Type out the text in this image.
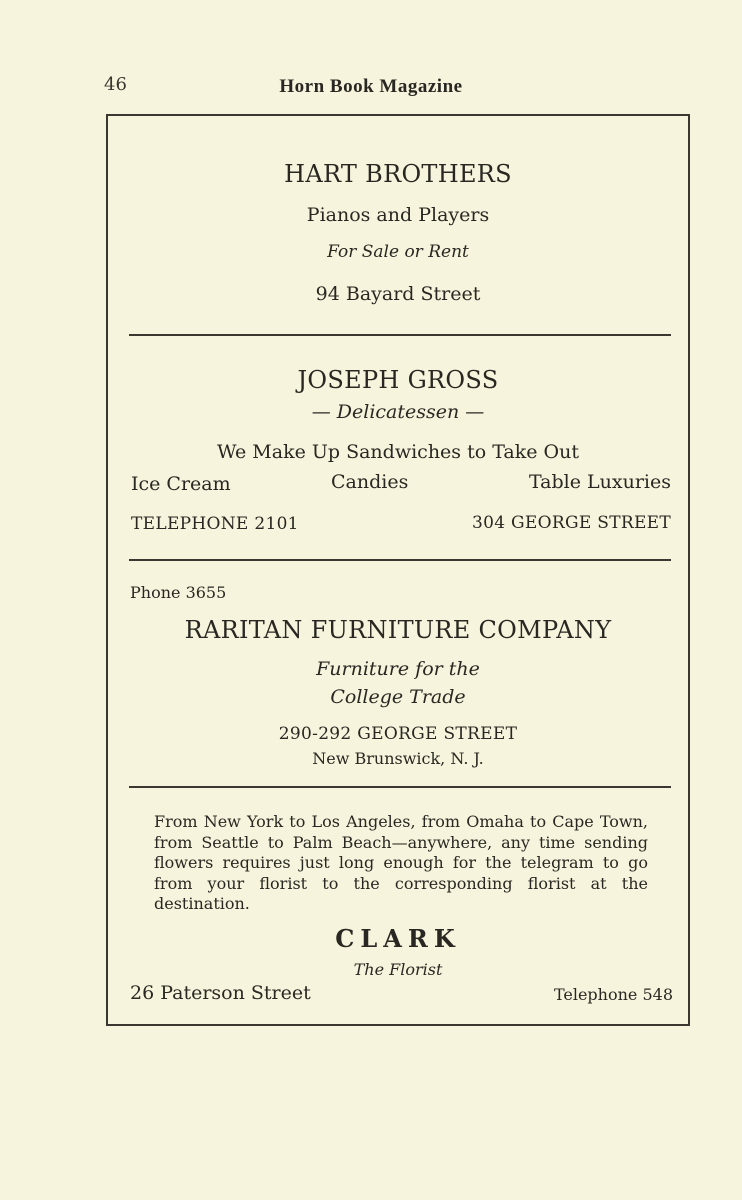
46	Horn Book Magazine
HART BROTHERS
Pianos and Players
For Sale or Rent
94 Bayard Street
JOSEPH GROSS
— Delicatessen —
We Make Up Sandwiches to Take Out
Ice Cream	Candies	Table Luxuries
TELEPHONE 2101	304 GEORGE STREET
Phone 3655
RARITAN FURNITURE COMPANY
Furniture for the
College Trade
290-292 GEORGE STREET
New Brunswick, N. J.
From New York to Los Angeles, from Omaha to Cape Town, from Seattle to Palm Beach—anywhere, any time sending flowers requires just long enough for the telegram to go from your florist to the corresponding florist at the destination.
CLARK
The Florist
26 Paterson Street	Telephone 548
